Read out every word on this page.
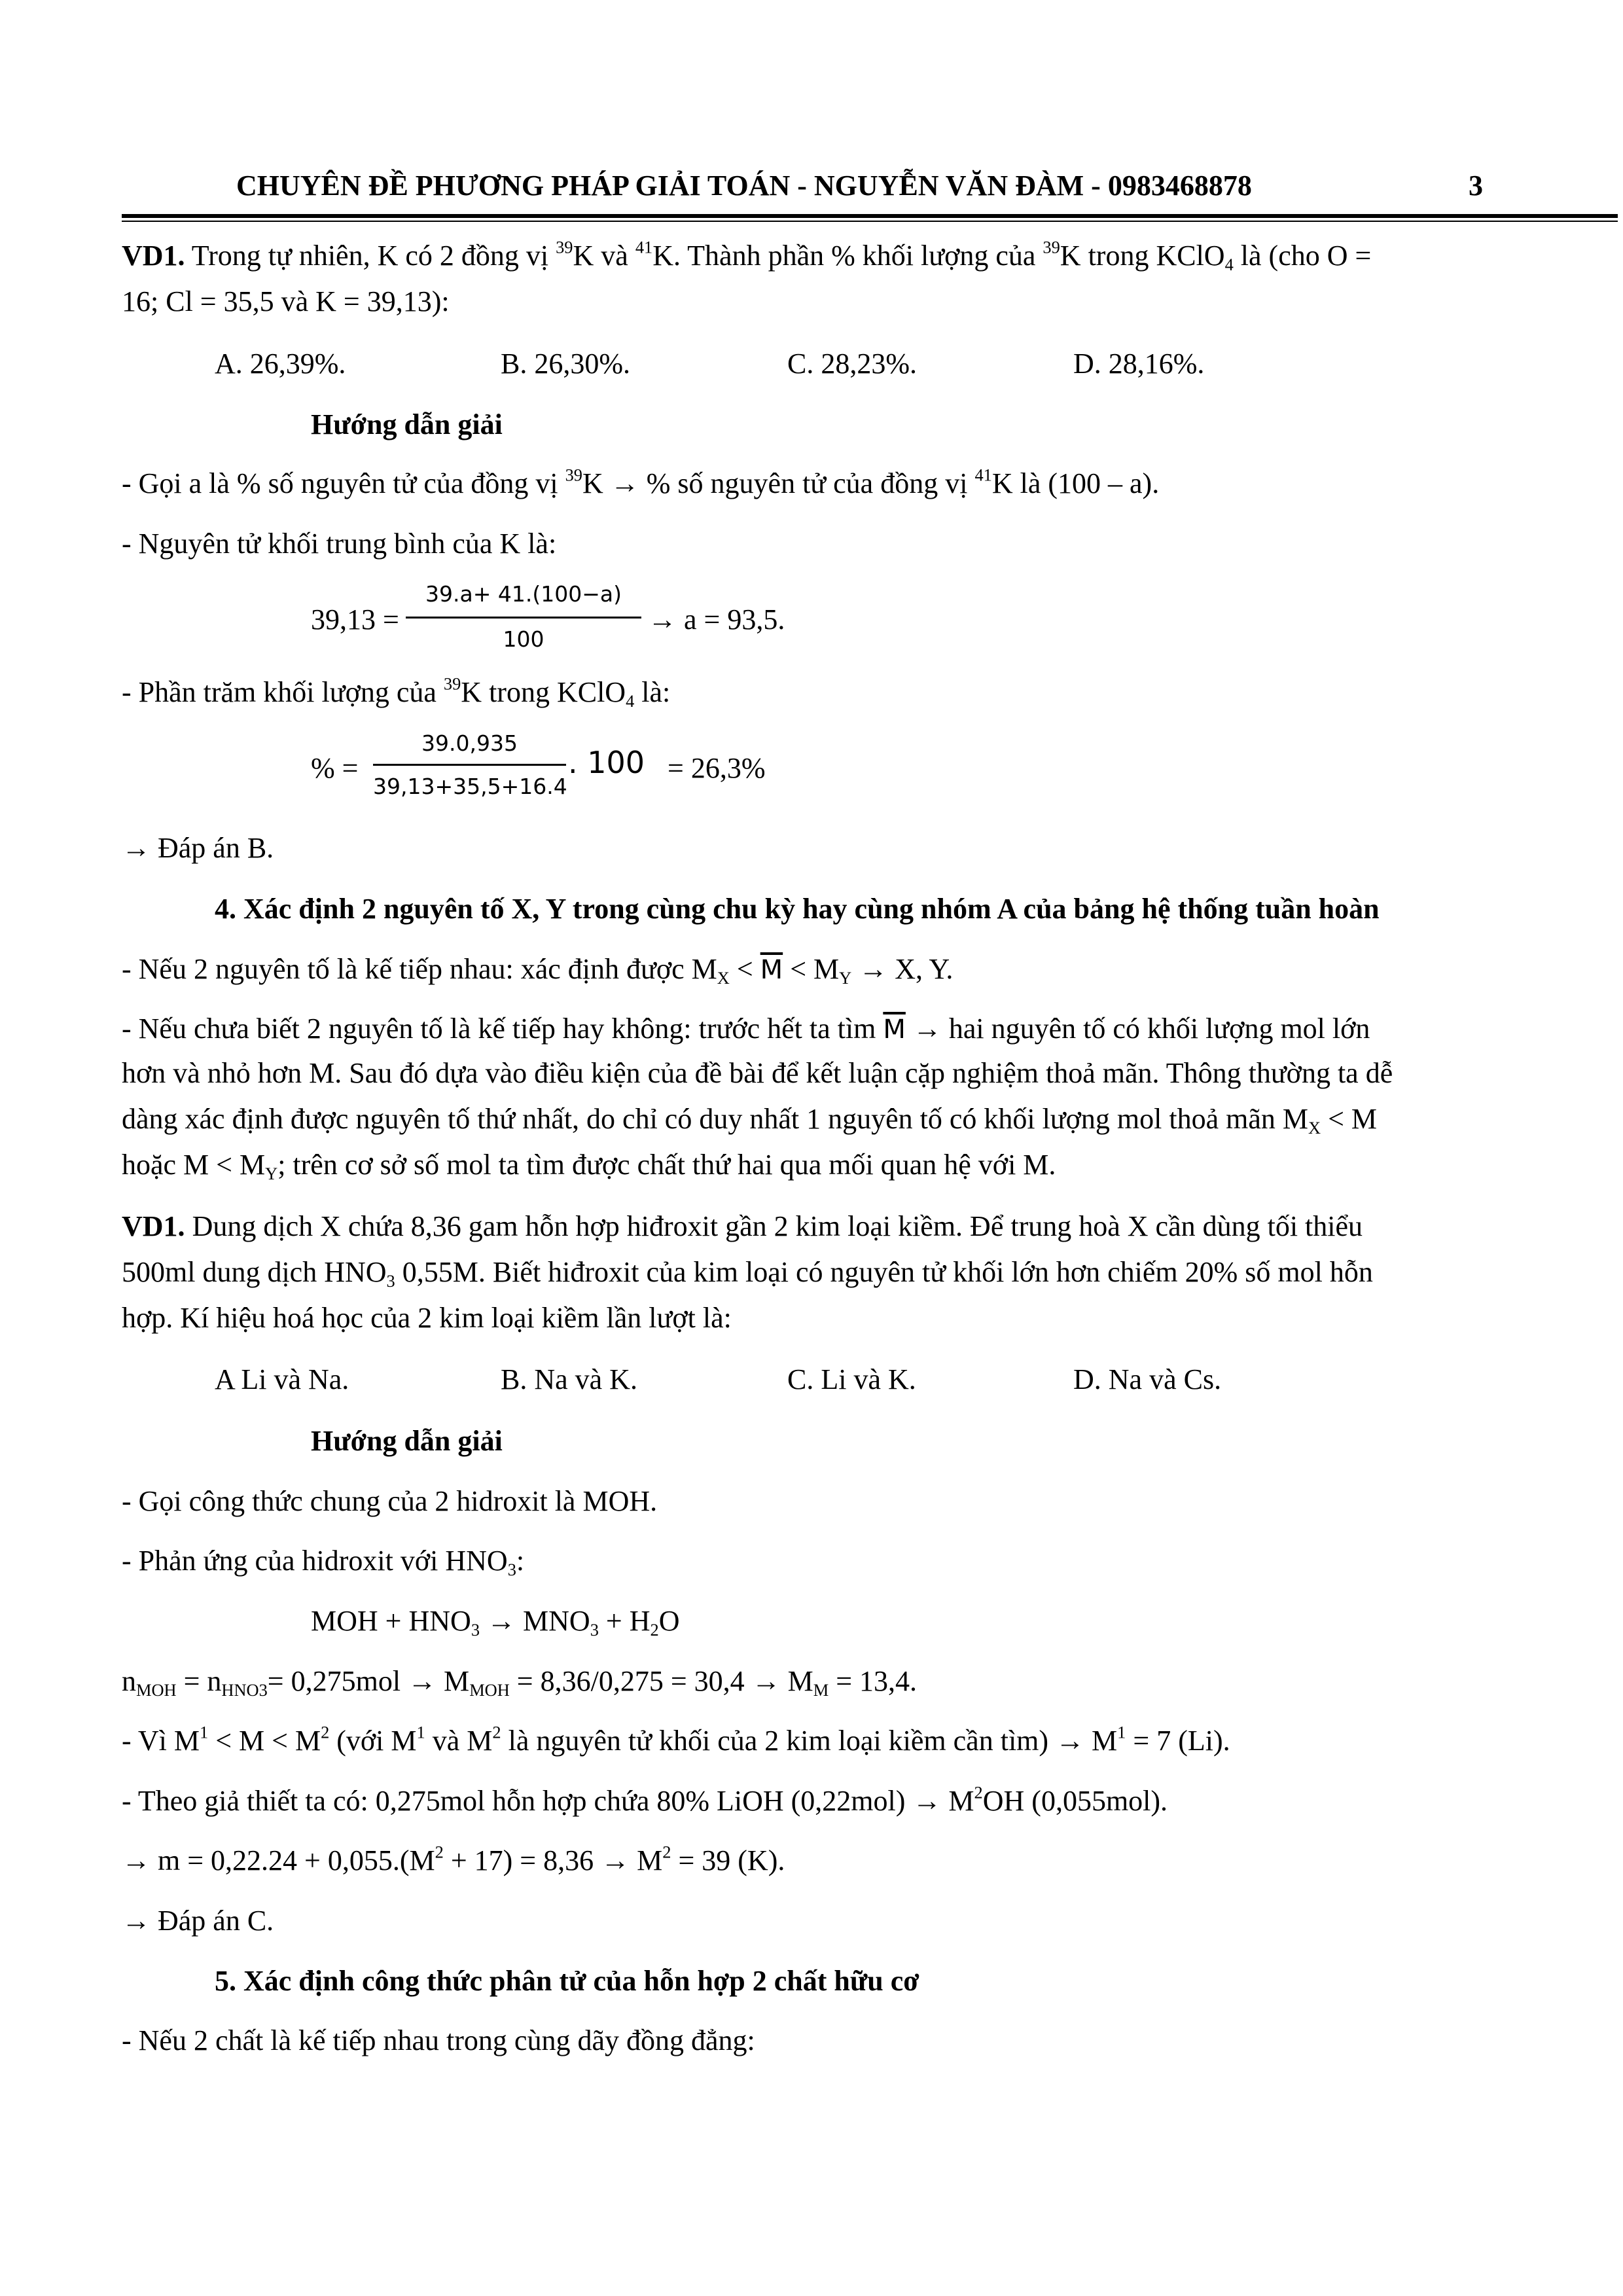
CHUYÊN ĐỀ PHƯƠNG PHÁP GIẢI TOÁN - NGUYỄN VĂN ĐÀM - 0983468878	3
VD1. Trong tự nhiên, K có 2 đồng vị $^{39}$K và $^{41}$K. Thành phần % khối lượng của $^{39}$K trong KClO$_4$ là (cho O =
16; Cl = 35,5 và K = 39,13):
A. 26,39%.	B. 26,30%.	C. 28,23%.	D. 28,16%.
Hướng dẫn giải
- Gọi a là % số nguyên tử của đồng vị $^{39}$K → % số nguyên tử của đồng vị $^{41}$K là (100 – a).
- Nguyên tử khối trung bình của K là:
39,13 =
39.a+ 41.(100−a)
100
→ a = 93,5.
- Phần trăm khối lượng của $^{39}$K trong KClO$_4$ là:
% =
39.0,935
39,13+35,5+16.4
. 100 = 26,3%
→ Đáp án B.
4. Xác định 2 nguyên tố X, Y trong cùng chu kỳ hay cùng nhóm A của bảng hệ thống tuần hoàn
- Nếu 2 nguyên tố là kế tiếp nhau: xác định được $M_X < \overline{M} < M_Y \to X$, Y.
- Nếu chưa biết 2 nguyên tố là kế tiếp hay không: trước hết ta tìm $\overline{M}$ → hai nguyên tố có khối lượng mol lớn
hơn và nhỏ hơn M. Sau đó dựa vào điều kiện của đề bài để kết luận cặp nghiệm thoả mãn. Thông thường ta dễ
dàng xác định được nguyên tố thứ nhất, do chỉ có duy nhất 1 nguyên tố có khối lượng mol thoả mãn $M_X < M$
hoặc $M < M_Y$; trên cơ sở số mol ta tìm được chất thứ hai qua mối quan hệ với M.
VD1. Dung dịch X chứa 8,36 gam hỗn hợp hiđroxit gần 2 kim loại kiềm. Để trung hoà X cần dùng tối thiểu
500ml dung dịch $HNO_3$ 0,55M. Biết hiđroxit của kim loại có nguyên tử khối lớn hơn chiếm 20% số mol hỗn
hợp. Kí hiệu hoá học của 2 kim loại kiềm lần lượt là:
A Li và Na.	B. Na và K.	C. Li và K.	D. Na và Cs.
Hướng dẫn giải
- Gọi công thức chung của 2 hidroxit là MOH.
- Phản ứng của hidroxit với $HNO_3$:
MOH + $HNO_3 \to MNO_3 + H_2O$
$n_{MOH} = n_{HNO3}= 0,275mol \to M_{MOH} = 8,36/0,275 = 30,4 \to M_M = 13,4$.
- Vì $M^1 < M < M^2$ (với $M^1$ và $M^2$ là nguyên tử khối của 2 kim loại kiềm cần tìm) → $M^1 = 7$ (Li).
- Theo giả thiết ta có: 0,275mol hỗn hợp chứa 80% LiOH $(0,22mol) \to M^2OH$ (0,055mol).
→ $m = 0,22.24 + 0,055.(M^2 + 17) = 8,36 \to M^2 = 39$ (K).
→ Đáp án C.
5. Xác định công thức phân tử của hỗn hợp 2 chất hữu cơ
- Nếu 2 chất là kế tiếp nhau trong cùng dãy đồng đẳng:
